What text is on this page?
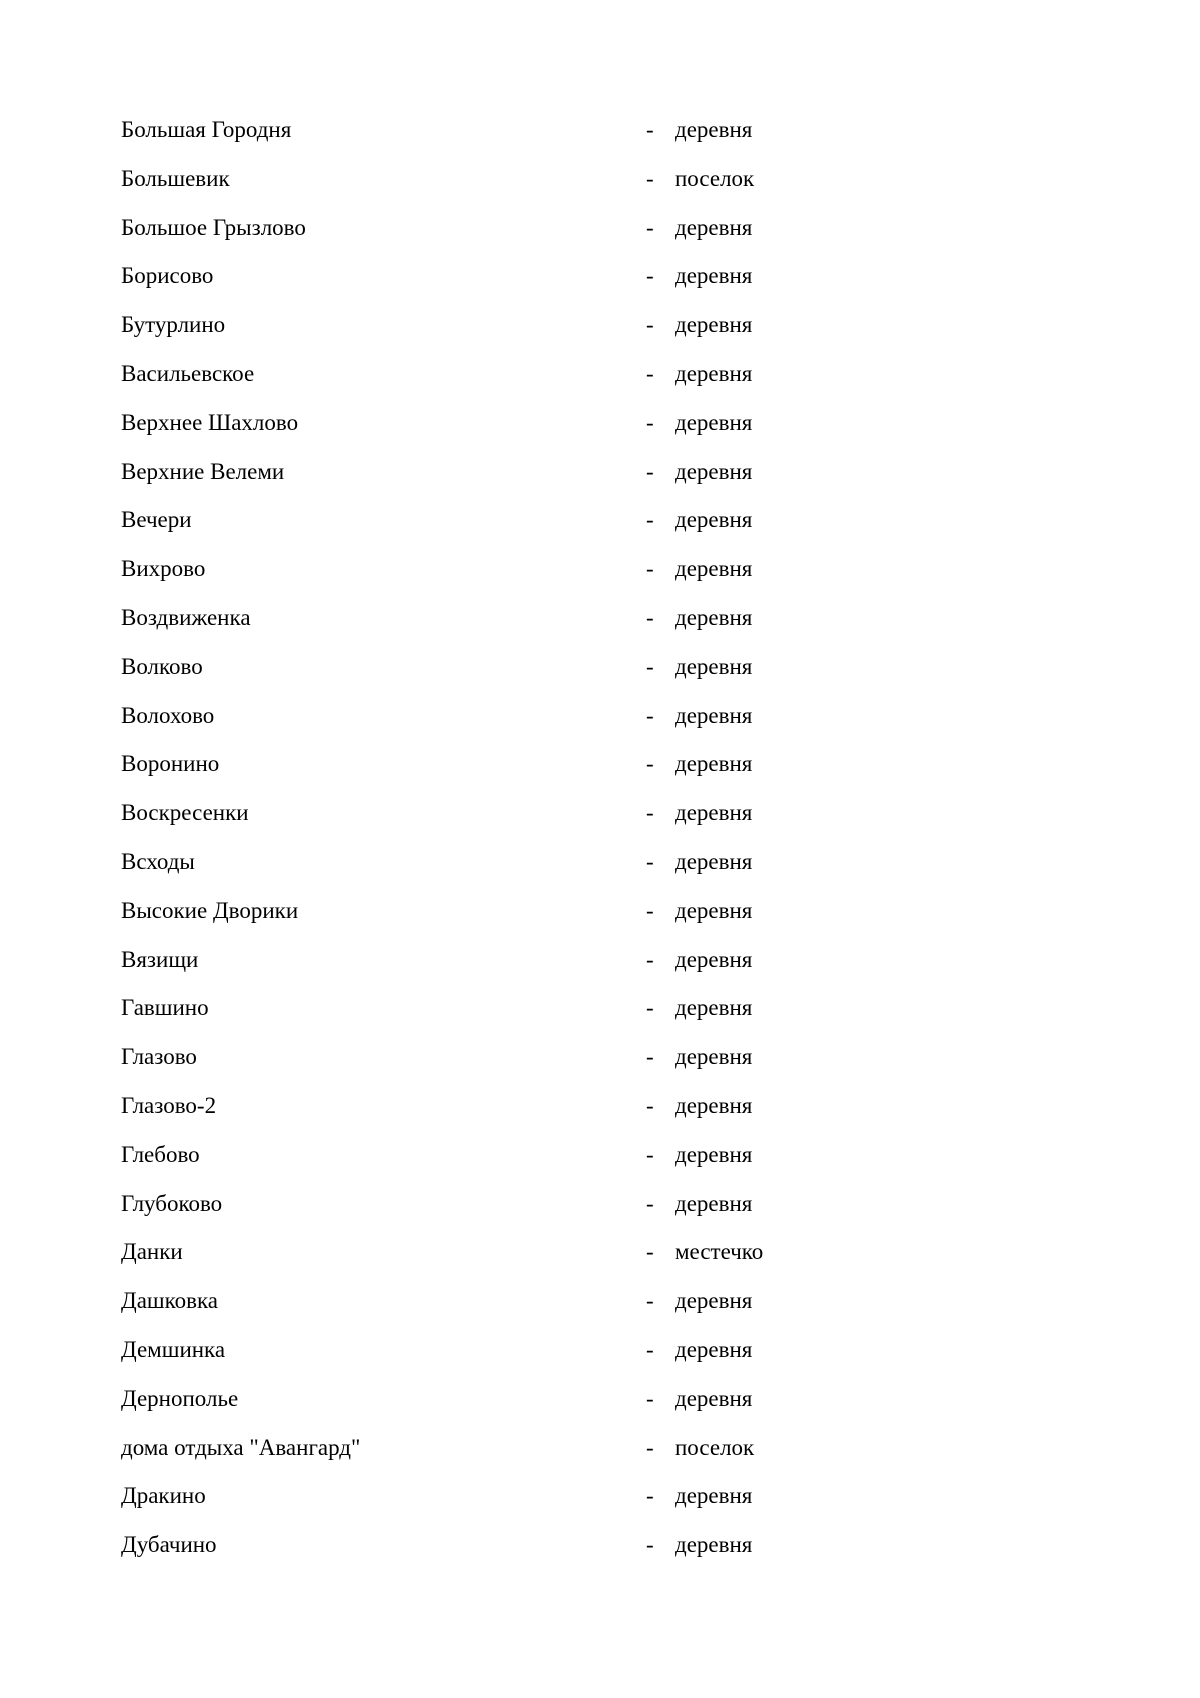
Большая Городня	- деревня
Большевик	- поселок
Большое Грызлово	- деревня
Борисово	- деревня
Бутурлино	- деревня
Васильевское	- деревня
Верхнее Шахлово	- деревня
Верхние Велеми	- деревня
Вечери	- деревня
Вихрово	- деревня
Воздвиженка	- деревня
Волково	- деревня
Волохово	- деревня
Воронино	- деревня
Воскресенки	- деревня
Всходы	- деревня
Высокие Дворики	- деревня
Вязищи	- деревня
Гавшино	- деревня
Глазово	- деревня
Глазово-2	- деревня
Глебово	- деревня
Глубоково	- деревня
Данки	- местечко
Дашковка	- деревня
Демшинка	- деревня
Дернополье	- деревня
дома отдыха "Авангард"	- поселок
Дракино	- деревня
Дубачино	- деревня
